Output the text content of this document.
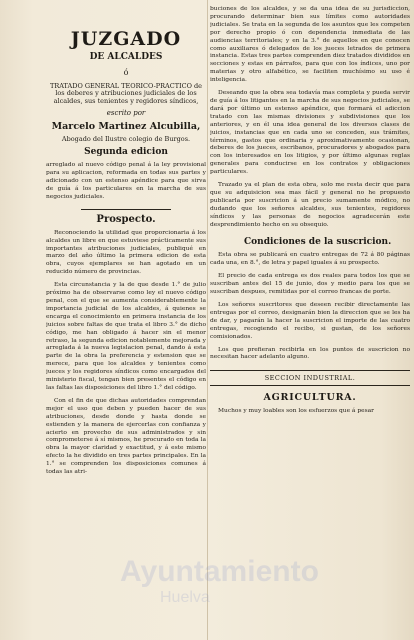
JUZGADO
DE ALCALDES
ó
TRATADO GENERAL TEORICO-PRACTICO de los deberes y atribuciones judiciales de los alcaldes, sus tenientes y regidores síndicos,
escrito por
Marcelo Martinez Alcubilla,
Abogado del Ilustre colegio de Burgos.
Segunda edicion

arreglado al nuevo código penal á la ley provisional para su aplicacion, reformada en todas sus partes y adicionado con un estenso apéndice para que sirva de guía á los particulares en la marcha de sus negocios judiciales.

Prospecto.

Reconociendo la utilidad que proporcionaria á los alcaldes un libre en que estuviese prácticamente sus importantes atribuciones judiciales, publiqué en marzo del año último la primera edicion de esta obra, cuyos ejemplares se han agotado en un reducido número de provincias.

Esta circunstancia y la de que desde 1.° de julio próximo ha de observarse como ley el nuevo código penal, con el que se aumenta considerablemente la importancia judicial de los alcaldes, á quienes se encarga el conocimiento en primera instancia de los juicios sobre faltas de que trata el libro 3.° de dicho código, me han obligado á hacer sin el menor retraso, la segunda edicion notablemente mejorada y arreglada á la nueva legislacion penal, dando á esta parte de la obra la preferencia y estension que se merece, para que los alcaldes y tenientes como jueces y los regidores síndicos como encargados del ministerio fiscal, tengan bien presentes el código en las faltas las disposiciones del libro 1.° del código.

Con el fin de que dichas autoridades comprendan mejor el uso que deben y pueden hacer de sus atribuciones, desde donde y hasta donde se estienden y la manera de ejercerlas con confianza y acierto en provecho de sus administrados y sin comprometerse á sí mismos, he procurado en toda la obra la mayor claridad y exactitud, y á este mismo efecto la he dividido en tres partes principales. En la 1.° se comprenden los disposiciones comunes á todas las atri-

buciones de los alcaldes, y se da una idea de su jurisdiccion, procurando determinar bien sus límites como autoridades judiciales. Se trata en la segunda de los asuntos que les competen por derecho propio ó con dependencia inmediata de las audiencias territoriales; y en la 3.° de aquellos en que conocen como auxiliares ó delegados de los jueces letrados de primera instancia. Estas tres partes comprenden diez tratados divididos en secciones y estas en párrafos, para que con los índices, uno por materias y otro alfabético, se faciliten muchísimo su uso é inteligencia.

Deseando que la obra sea todavía mas completa y pueda servir de guía á los litigantes en la marcha de sus negocios judiciales, se dará por último un estenso apéndice, que formará el adiccion tratado con las mismas divisiones y subdivisiones que los anteriores, y en él una idea general de los diversos clases de juicios, instancias que en cada uno se conceden, sus trámites, términos, gastos que ordinaria y aproximativamente ocasionan, deberes de los jueces, escribanos, procuradores y abogados para con los interesados en los litigios, y por último algunas reglas generales para conducirse en los contratos y obligaciones particulares.

Trazado ya el plan de esta obra, solo me resta decir que para que su adquisicion sea mas fácil y general no he propuesto publicarla por suscricion á un precio sumamente módico, no dudando que los señores alcaldes, sus tenientes, regidores síndicos y las personas de negocios agradecerán este desprendimiento hecho en su obsequio.

Condiciones de la suscricion.

Esta obra se publicará en cuatro entregas de 72 á 80 páginas cada una, en 8.°, de letra y papel iguales á su prospecto.

El precio de cada entrega es dos reales para todos los que se suscriban antes del 15 de junio, dos y medio para los que se suscriban despues, remitidas por el correo francas de porte.

Los señores suscritores que deseen recibir directamente las entregas por el correo, designarán bien la direccion que se les ha de dar, y pagarán la hacer la suscricion el importe de las cuatro entregas, recogiendo el recibo, si gustan, de los señores comisionados.

Los que prefieran recibirla en los puntos de suscricion no necesitan hacer adelanto alguno.

SECCION INDUSTRIAL.
AGRICULTURA.

Muchos y muy loables son los esfuerzos que á pesar

Ayuntamiento
Huelva
